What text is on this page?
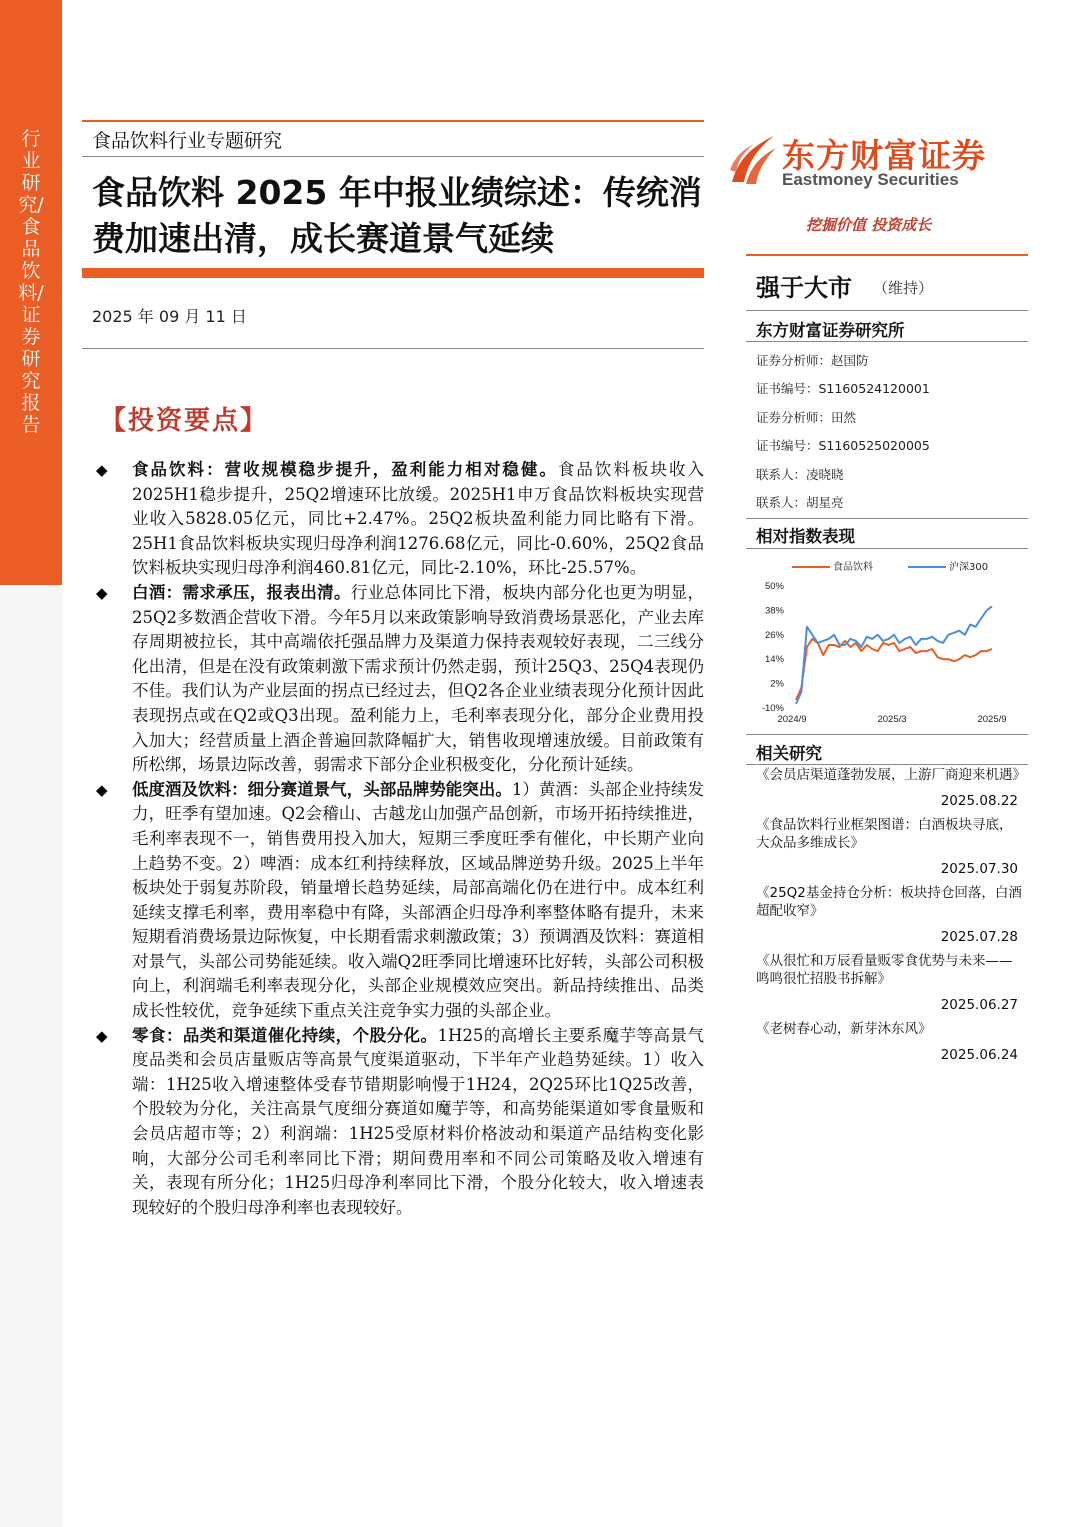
行业研究/食品饮料/证券研究报告
食品饮料行业专题研究
食品饮料 2025 年中报业绩综述：传统消费加速出清，成长赛道景气延续
2025 年 09 月 11 日
【投资要点】
◆ 食品饮料：营收规模稳步提升，盈利能力相对稳健。食品饮料板块收入2025H1稳步提升，25Q2增速环比放缓。2025H1申万食品饮料板块实现营业收入5828.05亿元，同比+2.47%。25Q2板块盈利能力同比略有下滑。25H1食品饮料板块实现归母净利润1276.68亿元，同比-0.60%，25Q2食品饮料板块实现归母净利润460.81亿元，同比-2.10%，环比-25.57%。
◆ 白酒：需求承压，报表出清。行业总体同比下滑，板块内部分化也更为明显，25Q2多数酒企营收下滑。今年5月以来政策影响导致消费场景恶化，产业去库存周期被拉长，其中高端依托强品牌力及渠道力保持表观较好表现，二三线分化出清，但是在没有政策刺激下需求预计仍然走弱，预计25Q3、25Q4表现仍不佳。我们认为产业层面的拐点已经过去，但Q2各企业业绩表现分化预计因此表现拐点或在Q2或Q3出现。盈利能力上，毛利率表现分化，部分企业费用投入加大；经营质量上酒企普遍回款降幅扩大，销售收现增速放缓。目前政策有所松绑，场景边际改善，弱需求下部分企业积极变化，分化预计延续。
◆ 低度酒及饮料：细分赛道景气，头部品牌势能突出。1）黄酒：头部企业持续发力，旺季有望加速。Q2会稽山、古越龙山加强产品创新，市场开拓持续推进，毛利率表现不一，销售费用投入加大，短期三季度旺季有催化，中长期产业向上趋势不变。2）啤酒：成本红利持续释放，区域品牌逆势升级。2025上半年板块处于弱复苏阶段，销量增长趋势延续，局部高端化仍在进行中。成本红利延续支撑毛利率，费用率稳中有降，头部酒企归母净利率整体略有提升，未来短期看消费场景边际恢复，中长期看需求刺激政策；3）预调酒及饮料：赛道相对景气，头部公司势能延续。收入端Q2旺季同比增速环比好转，头部公司积极向上，利润端毛利率表现分化，头部企业规模效应突出。新品持续推出、品类成长性较优，竞争延续下重点关注竞争实力强的头部企业。
◆ 零食：品类和渠道催化持续，个股分化。1H25的高增长主要系魔芋等高景气度品类和会员店量贩店等高景气度渠道驱动，下半年产业趋势延续。1）收入端：1H25收入增速整体受春节错期影响慢于1H24，2Q25环比1Q25改善，个股较为分化，关注高景气度细分赛道如魔芋等，和高势能渠道如零食量贩和会员店超市等；2）利润端：1H25受原材料价格波动和渠道产品结构变化影响，大部分公司毛利率同比下滑；期间费用率和不同公司策略及收入增速有关，表现有所分化；1H25归母净利率同比下滑，个股分化较大，收入增速表现较好的个股归母净利率也表现较好。
东方财富证券
Eastmoney Securities
挖掘价值 投资成长
强于大市 （维持）
东方财富证券研究所
证券分析师：赵国防
证书编号：S1160524120001
证券分析师：田然
证书编号：S1160525020005
联系人：凌晓晓
联系人：胡星亮
相对指数表现
食品饮料	沪深300
50%
38%
26%
14%
2%
-10%
2024/9	2025/3	2025/9
相关研究
《会员店渠道蓬勃发展，上游厂商迎来机遇》
2025.08.22
《食品饮料行业框架图谱：白酒板块寻底，大众品多维成长》
2025.07.30
《25Q2基金持仓分析：板块持仓回落，白酒超配收窄》
2025.07.28
《从很忙和万辰看量贩零食优势与未来——鸣鸣很忙招股书拆解》
2025.06.27
《老树春心动，新芽沐东风》
2025.06.24
